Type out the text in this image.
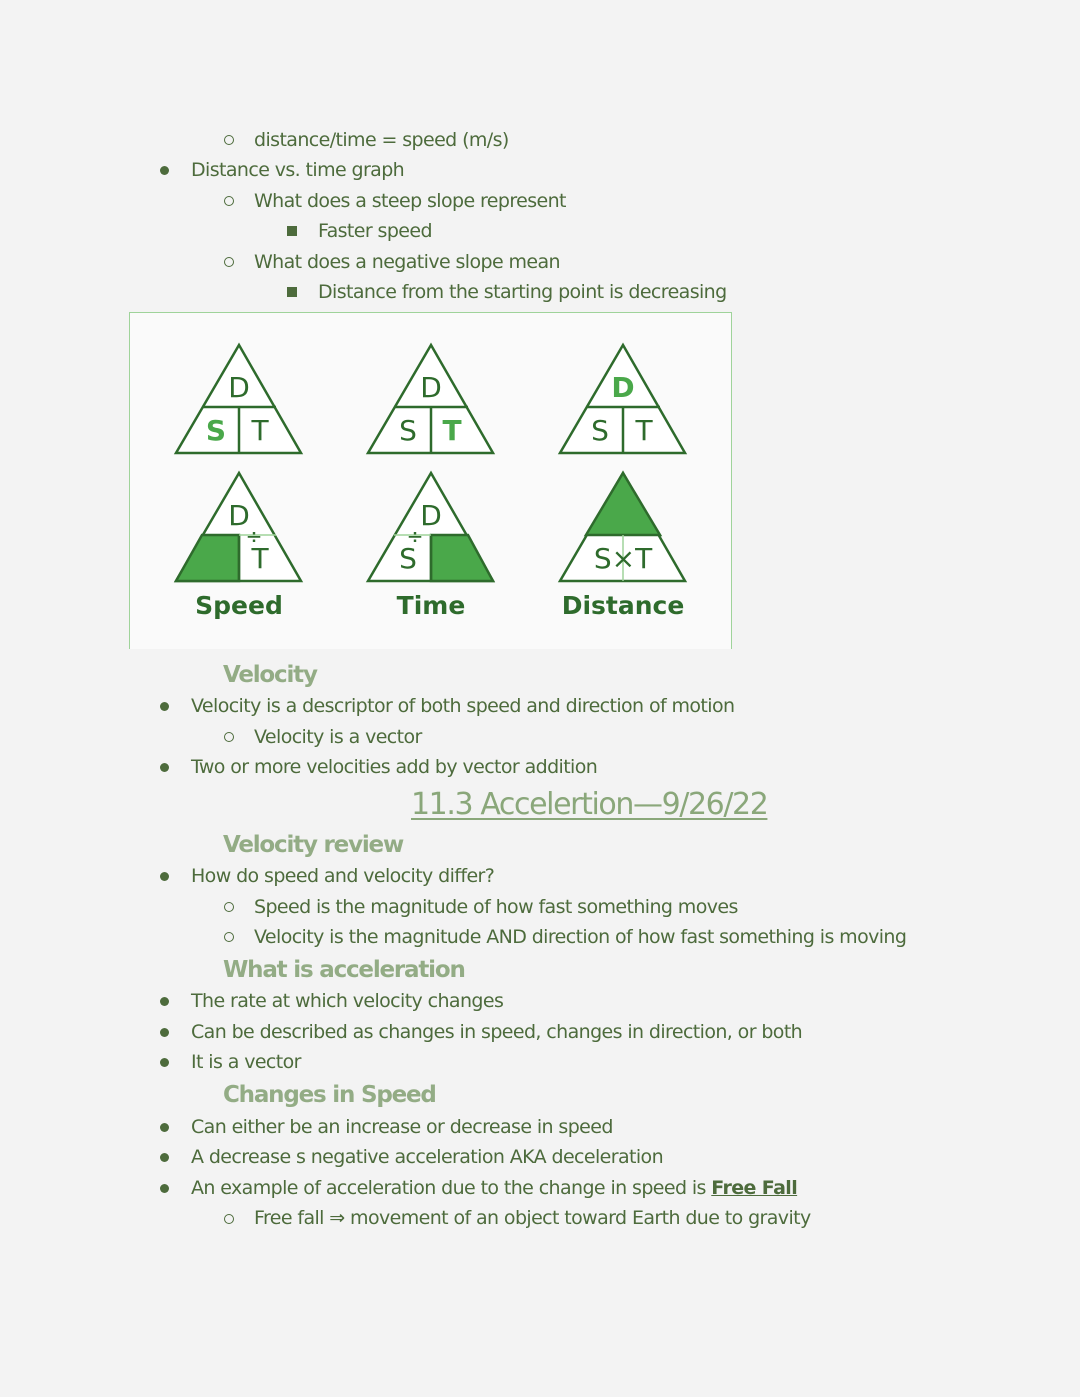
distance/time = speed (m/s)
Distance vs. time graph
What does a steep slope represent
Faster speed
What does a negative slope mean
Distance from the starting point is decreasing
D
S T
D
S T
D
S T
D
÷
T
D
÷
S	S×T
Speed	Time	Distance
Velocity
Velocity is a descriptor of both speed and direction of motion
Velocity is a vector
Two or more velocities add by vector addition
11.3 Accelertion—9/26/22
Velocity review
How do speed and velocity differ?
Speed is the magnitude of how fast something moves
Velocity is the magnitude AND direction of how fast something is moving
What is acceleration
The rate at which velocity changes
Can be described as changes in speed, changes in direction, or both
It is a vector
Changes in Speed
Can either be an increase or decrease in speed
A decrease s negative acceleration AKA deceleration
An example of acceleration due to the change in speed is Free Fall
Free fall ⇒ movement of an object toward Earth due to gravity
